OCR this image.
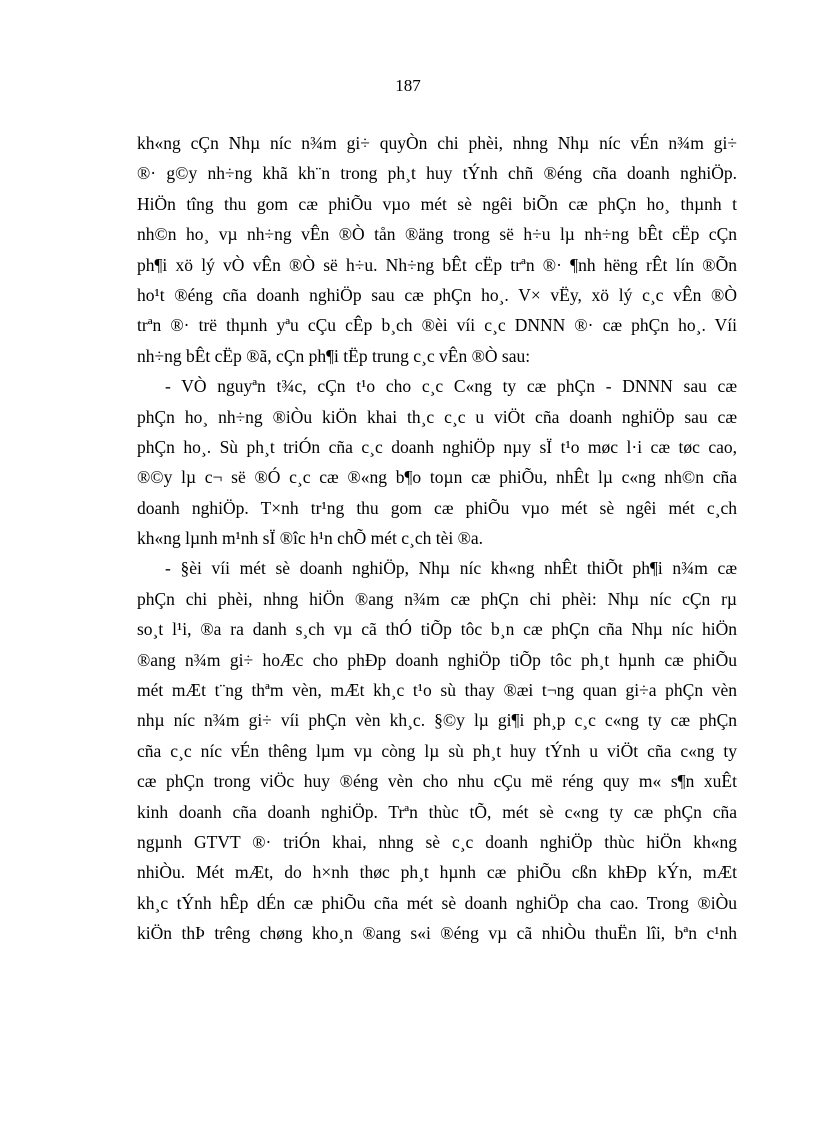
187
kh«ng cÇn Nhµ níc n¾m gi÷ quyÒn chi phèi, nhng Nhµ níc vÉn n¾m gi÷
®· g©y nh÷ng khã kh¨n trong ph¸t huy tÝnh chñ ®éng cña doanh nghiÖp.
HiÖn tîng thu gom cæ phiÕu vµo mét sè ngêi biÕn cæ phÇn ho¸ thµnh t
nh©n ho¸ vµ nh÷ng vÊn ®Ò tån ®äng trong së h÷u lµ nh÷ng bÊt cËp cÇn
ph¶i xö lý vÒ vÊn ®Ò së h÷u. Nh÷ng bÊt cËp trªn ®· ¶nh hëng rÊt lín ®Õn
ho¹t ®éng cña doanh nghiÖp sau cæ phÇn ho¸. V× vËy, xö lý c¸c vÊn ®Ò
trªn ®· trë thµnh yªu cÇu cÊp b¸ch ®èi víi c¸c DNNN ®· cæ phÇn ho¸. Víi
nh÷ng bÊt cËp ®ã, cÇn ph¶i tËp trung c¸c vÊn ®Ò sau:
- VÒ nguyªn t¾c, cÇn t¹o cho c¸c C«ng ty cæ phÇn - DNNN sau cæ
phÇn ho¸ nh÷ng ®iÒu kiÖn khai th¸c c¸c u viÖt cña doanh nghiÖp sau cæ
phÇn ho¸. Sù ph¸t triÓn cña c¸c doanh nghiÖp nµy sÏ t¹o møc l·i cæ tøc cao,
®©y lµ c¬ së ®Ó c¸c cæ ®«ng b¶o toµn cæ phiÕu, nhÊt lµ c«ng nh©n cña
doanh nghiÖp. T×nh tr¹ng thu gom cæ phiÕu vµo mét sè ngêi mét c¸ch
kh«ng lµnh m¹nh sÏ ®îc h¹n chÕ mét c¸ch tèi ®a.
- §èi víi mét sè doanh nghiÖp, Nhµ níc kh«ng nhÊt thiÕt ph¶i n¾m cæ
phÇn chi phèi, nhng hiÖn ®ang n¾m cæ phÇn chi phèi: Nhµ níc cÇn rµ
so¸t l¹i, ®a ra danh s¸ch vµ cã thÓ tiÕp tôc b¸n cæ phÇn cña Nhµ níc hiÖn
®ang n¾m gi÷ hoÆc cho phÐp doanh nghiÖp tiÕp tôc ph¸t hµnh cæ phiÕu
mét mÆt t¨ng thªm vèn, mÆt kh¸c t¹o sù thay ®æi t¬ng quan gi÷a phÇn vèn
nhµ níc n¾m gi÷ víi phÇn vèn kh¸c. §©y lµ gi¶i ph¸p c¸c c«ng ty cæ phÇn
cña c¸c níc vÉn thêng lµm vµ còng lµ sù ph¸t huy tÝnh u viÖt cña c«ng ty
cæ phÇn trong viÖc huy ®éng vèn cho nhu cÇu më réng quy m« s¶n xuÊt
kinh doanh cña doanh nghiÖp. Trªn thùc tÕ, mét sè c«ng ty cæ phÇn cña
ngµnh GTVT ®· triÓn khai, nhng sè c¸c doanh nghiÖp thùc hiÖn kh«ng
nhiÒu. Mét mÆt, do h×nh thøc ph¸t hµnh cæ phiÕu cßn khÐp kÝn, mÆt
kh¸c tÝnh hÊp dÉn cæ phiÕu cña mét sè doanh nghiÖp cha cao. Trong ®iÒu
kiÖn thÞ trêng chøng kho¸n ®ang s«i ®éng vµ cã nhiÒu thuËn lîi, bªn c¹nh
